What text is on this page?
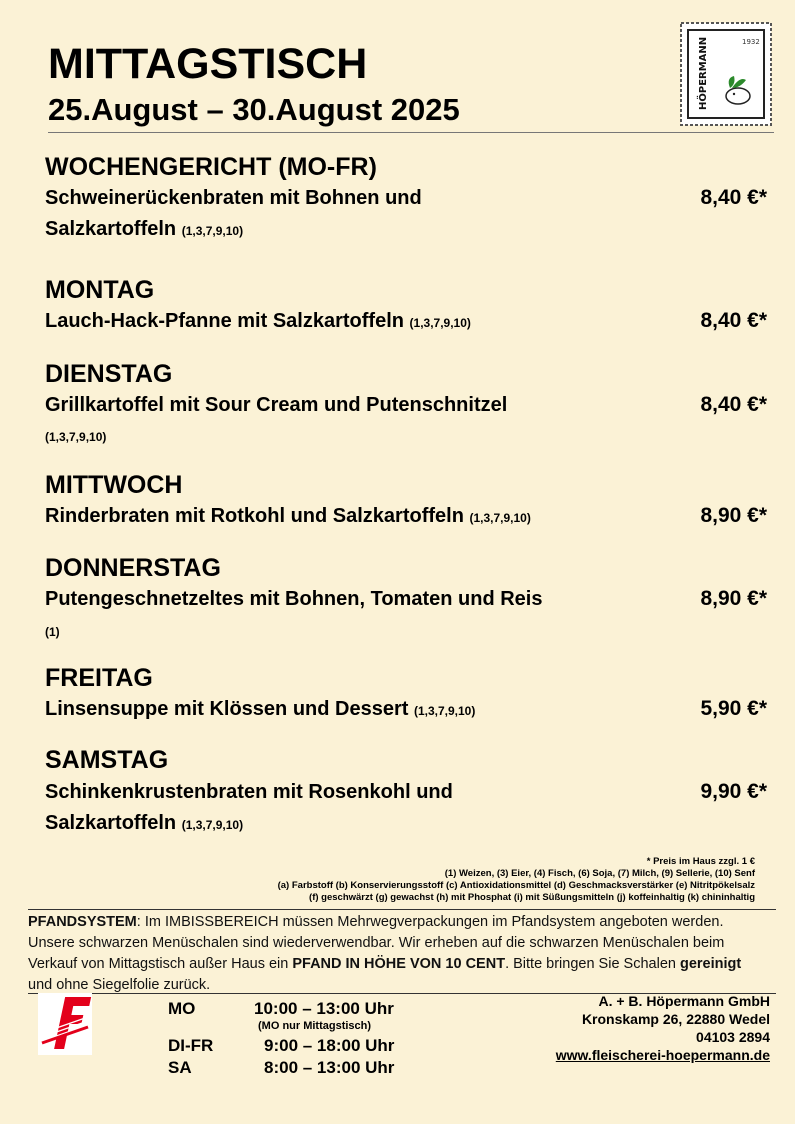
MITTAGSTISCH
25.August – 30.August 2025
1932
HÖPERMANN
WOCHENGERICHT (MO-FR)
Schweinerückenbraten mit Bohnen und
Salzkartoffeln (1,3,7,9,10)
8,40 €*
MONTAG
Lauch-Hack-Pfanne mit Salzkartoffeln (1,3,7,9,10)	8,40 €*
DIENSTAG
Grillkartoffel mit Sour Cream und Putenschnitzel
(1,3,7,9,10)
8,40 €*
MITTWOCH
Rinderbraten mit Rotkohl und Salzkartoffeln (1,3,7,9,10)	8,90 €*
DONNERSTAG
Putengeschnetzeltes mit Bohnen, Tomaten und Reis
(1)
8,90 €*
FREITAG
Linsensuppe mit Klössen und Dessert (1,3,7,9,10)	5,90 €*
SAMSTAG
Schinkenkrustenbraten mit Rosenkohl und
Salzkartoffeln (1,3,7,9,10)
9,90 €*
* Preis im Haus zzgl. 1 €
(1) Weizen, (3) Eier, (4) Fisch, (6) Soja, (7) Milch, (9) Sellerie, (10) Senf
(a) Farbstoff (b) Konservierungsstoff (c) Antioxidationsmittel (d) Geschmacksverstärker (e) Nitritpökelsalz
(f) geschwärzt (g) gewachst (h) mit Phosphat (i) mit Süßungsmitteln (j) koffeinhaltig (k) chininhaltig
PFANDSYSTEM: Im IMBISSBEREICH müssen Mehrwegverpackungen im Pfandsystem angeboten werden. Unsere schwarzen Menüschalen sind wiederverwendbar. Wir erheben auf die schwarzen Menüschalen beim Verkauf von Mittagstisch außer Haus ein PFAND IN HÖHE VON 10 CENT. Bitte bringen Sie Schalen gereinigt und ohne Siegelfolie zurück.
MO	10:00 – 13:00 Uhr
(MO nur Mittagstisch)
DI-FR	9:00 – 18:00 Uhr
SA	8:00 – 13:00 Uhr
A. + B. Höpermann GmbH
Kronskamp 26, 22880 Wedel
04103 2894
www.fleischerei-hoepermann.de
